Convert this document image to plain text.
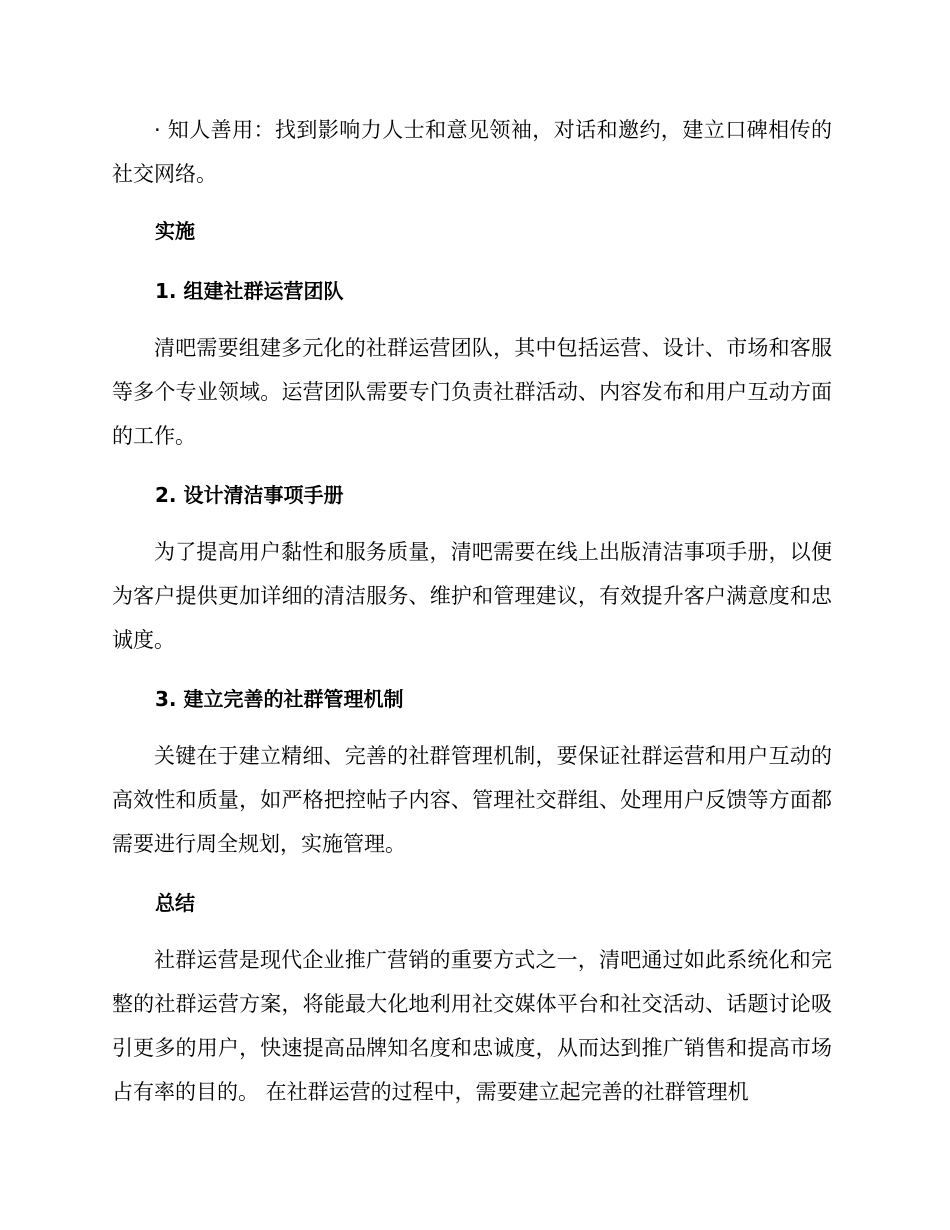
· 知人善用：找到影响力人士和意见领袖，对话和邀约，建立口碑相传的社交网络。

实施
1. 组建社群运营团队

清吧需要组建多元化的社群运营团队，其中包括运营、设计、市场和客服等多个专业领域。运营团队需要专门负责社群活动、内容发布和用户互动方面的工作。

2. 设计清洁事项手册

为了提高用户黏性和服务质量，清吧需要在线上出版清洁事项手册，以便为客户提供更加详细的清洁服务、维护和管理建议，有效提升客户满意度和忠诚度。

3. 建立完善的社群管理机制

关键在于建立精细、完善的社群管理机制，要保证社群运营和用户互动的高效性和质量，如严格把控帖子内容、管理社交群组、处理用户反馈等方面都需要进行周全规划，实施管理。

总结

社群运营是现代企业推广营销的重要方式之一，清吧通过如此系统化和完整的社群运营方案，将能最大化地利用社交媒体平台和社交活动、话题讨论吸引更多的用户，快速提高品牌知名度和忠诚度，从而达到推广销售和提高市场占有率的目的。 在社群运营的过程中，需要建立起完善的社群管理机
